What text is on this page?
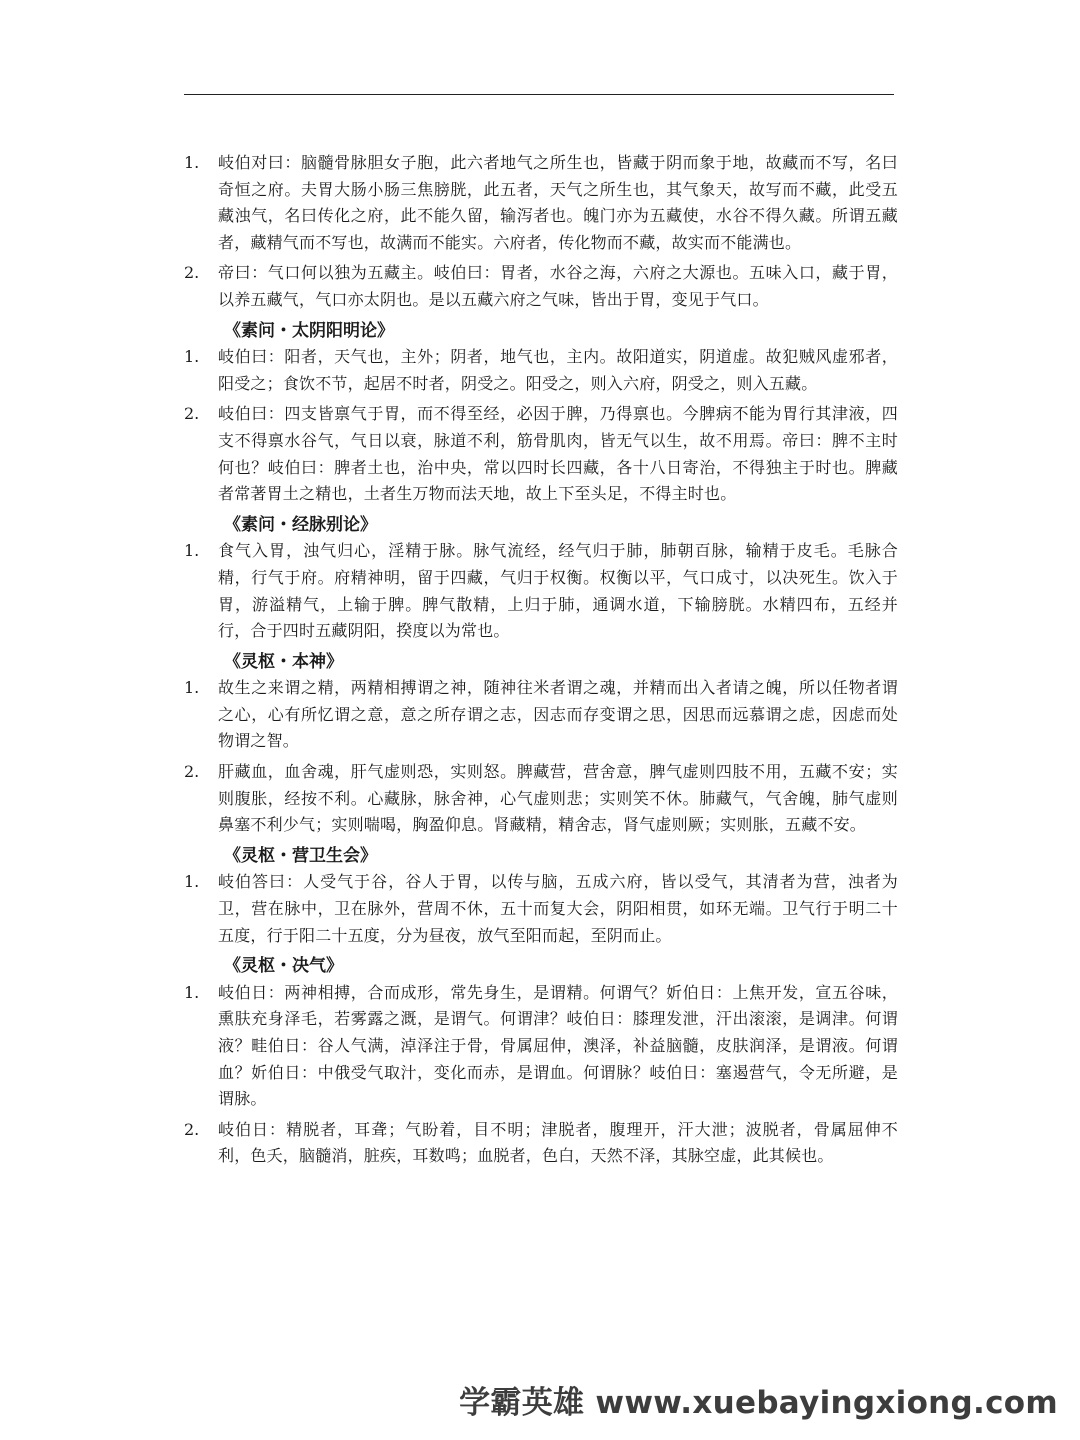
1.	岐伯对曰：脑髓骨脉胆女子胞，此六者地气之所生也，皆藏于阴而象于地，故藏而不写，名曰奇恒之府。夫胃大肠小肠三焦膀胱，此五者，天气之所生也，其气象天，故写而不藏，此受五藏浊气，名曰传化之府，此不能久留，输泻者也。魄门亦为五藏使，水谷不得久藏。所谓五藏者，藏精气而不写也，故满而不能实。六府者，传化物而不藏，故实而不能满也。
2.	帝曰：气口何以独为五藏主。岐伯曰：胃者，水谷之海，六府之大源也。五味入口，藏于胃，以养五藏气，气口亦太阴也。是以五藏六府之气味，皆出于胃，变见于气口。
《素问・太阴阳明论》
1.	岐伯曰：阳者，天气也，主外；阴者，地气也，主内。故阳道实，阴道虚。故犯贼风虚邪者，阳受之；食饮不节，起居不时者，阴受之。阳受之，则入六府，阴受之，则入五藏。
2.	岐伯曰：四支皆禀气于胃，而不得至经，必因于脾，乃得禀也。今脾病不能为胃行其津液，四支不得禀水谷气，气日以衰，脉道不利，筋骨肌肉，皆无气以生，故不用焉。帝曰：脾不主时何也？岐伯曰：脾者土也，治中央，常以四时长四藏，各十八日寄治，不得独主于时也。脾藏者常著胃土之精也，土者生万物而法天地，故上下至头足，不得主时也。
《素问・经脉别论》
1.	食气入胃，浊气归心，淫精于脉。脉气流经，经气归于肺，肺朝百脉，输精于皮毛。毛脉合精，行气于府。府精神明，留于四藏，气归于权衡。权衡以平，气口成寸，以决死生。饮入于胃，游溢精气，上输于脾。脾气散精，上归于肺，通调水道，下输膀胱。水精四布，五经并行，合于四时五藏阴阳，揆度以为常也。
《灵枢・本神》
1.	故生之来谓之精，两精相搏谓之神，随神往米者谓之魂，并精而出入者请之魄，所以任物者谓之心，心有所忆谓之意，意之所存谓之志，因志而存变谓之思，因思而远慕谓之虑，因虑而处物谓之智。
2.	肝藏血，血舍魂，肝气虚则恐，实则怒。脾藏营，营舍意，脾气虚则四肢不用，五藏不安；实则腹胀，经按不利。心藏脉，脉舍神，心气虚则悲；实则笑不休。肺藏气，气舍魄，肺气虚则鼻塞不利少气；实则喘喝，胸盈仰息。肾藏精，精舍志，肾气虚则厥；实则胀，五藏不安。
《灵枢・营卫生会》
1.	岐伯答曰：人受气于谷，谷人于胃，以传与脑，五成六府，皆以受气，其清者为营，浊者为卫，营在脉中，卫在脉外，营周不休，五十而复大会，阴阳相贯，如环无端。卫气行于明二十五度，行于阳二十五度，分为昼夜，放气至阳而起，至阴而止。
《灵枢・决气》
1.	岐伯日：两神相搏，合而成形，常先身生，是谓精。何谓气？妡伯日：上焦开发，宣五谷味，熏肤充身泽毛，若雾露之溉，是谓气。何谓津？岐伯日：膝理发泄，汗出滚滚，是调津。何谓液？畦伯日：谷人气满，淖泽注于骨，骨属屈伸，澳泽，补益脑髓，皮肤润泽，是谓液。何谓血？妡伯日：中俄受气取汁，变化而赤，是谓血。何谓脉？岐伯日：塞遏营气，令无所避，是谓脉。
2.	岐伯日：精脱者，耳聋；气盼着，目不明；津脱者，腹理开，汗大泄；波脱者，骨属屈伸不利，色夭，脑髓消，脏疾，耳数鸣；血脱者，色白，天然不泽，其脉空虚，此其候也。
学霸英雄 www.xuebayingxiong.com
